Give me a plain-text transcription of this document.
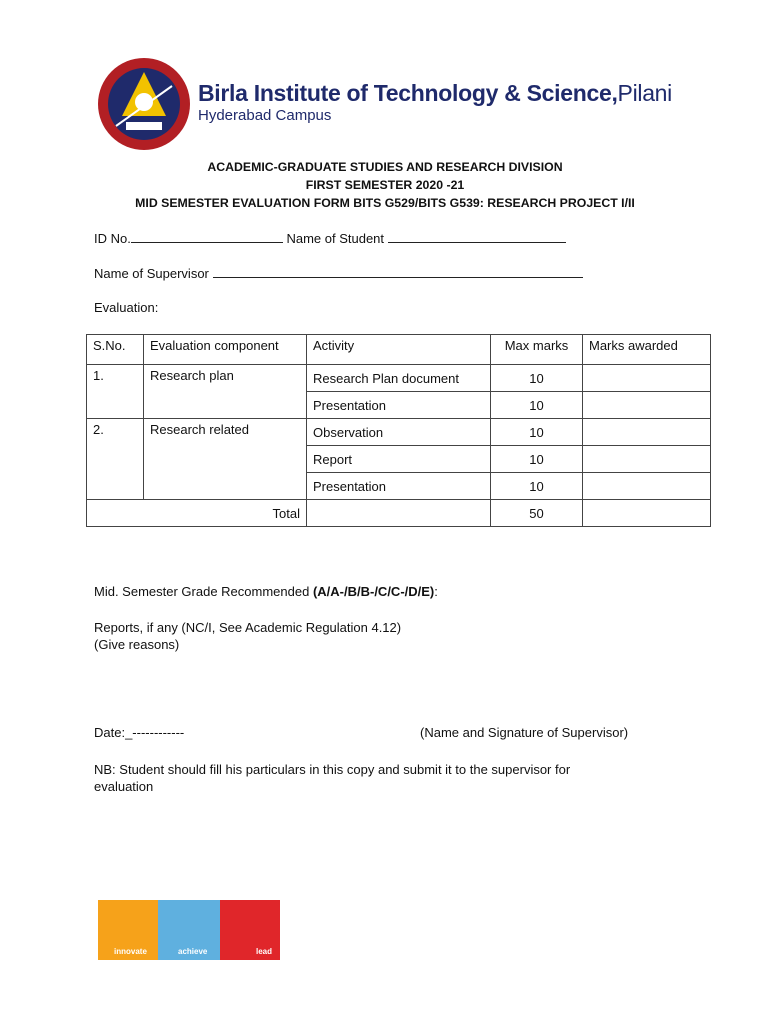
Birla Institute of Technology & Science,Pilani
Hyderabad Campus
ACADEMIC-GRADUATE STUDIES AND RESEARCH DIVISION
FIRST SEMESTER 2020 -21
MID SEMESTER EVALUATION FORM BITS G529/BITS G539: RESEARCH PROJECT I/II
ID No.	Name of Student
Name of Supervisor
Evaluation:
S.No.	Evaluation component	Activity	Max marks	Marks awarded
1.	Research plan	Research Plan document	10	
		Presentation	10	
2.	Research related	Observation	10	
		Report	10	
		Presentation	10	
Total			50	
Mid. Semester Grade Recommended (A/A-/B/B-/C/C-/D/E):
Reports, if any (NC/I, See Academic Regulation 4.12)
(Give reasons)
Date:_------------	(Name and Signature of Supervisor)
NB: Student should fill his particulars in this copy and submit it to the supervisor for
evaluation
innovate	achieve	lead
